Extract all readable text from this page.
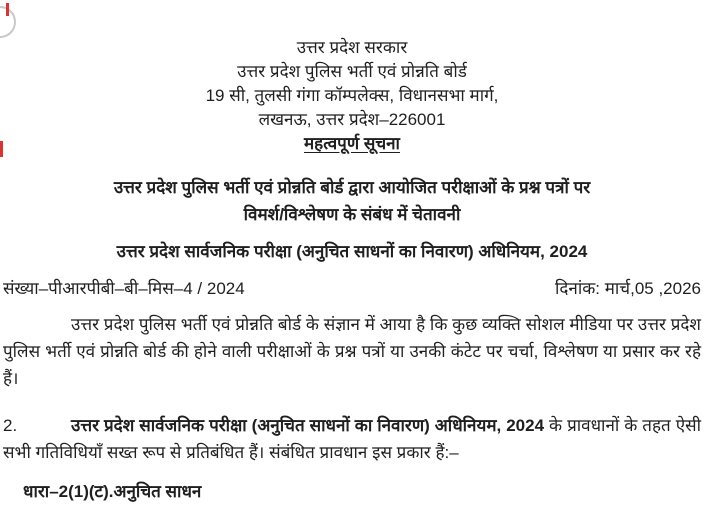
उत्तर प्रदेश सरकार
उत्तर प्रदेश पुलिस भर्ती एवं प्रोन्नति बोर्ड
19 सी, तुलसी गंगा कॉम्पलेक्स, विधानसभा मार्ग,
लखनऊ, उत्तर प्रदेश–226001
महत्वपूर्ण सूचना
उत्तर प्रदेश पुलिस भर्ती एवं प्रोन्नति बोर्ड द्वारा आयोजित परीक्षाओं के प्रश्न पत्रों पर
विमर्श/विश्लेषण के संबंध में चेतावनी
उत्तर प्रदेश सार्वजनिक परीक्षा (अनुचित साधनों का निवारण) अधिनियम, 2024
संख्या–पीआरपीबी–बी–मिस–4 / 2024	दिनांक: मार्च,05 ,2026
उत्तर प्रदेश पुलिस भर्ती एवं प्रोन्नति बोर्ड के संज्ञान में आया है कि कुछ व्यक्ति सोशल मीडिया पर उत्तर प्रदेश पुलिस भर्ती एवं प्रोन्नति बोर्ड की होने वाली परीक्षाओं के प्रश्न पत्रों या उनकी कंटेट पर चर्चा, विश्लेषण या प्रसार कर रहे हैं।
2.	उत्तर प्रदेश सार्वजनिक परीक्षा (अनुचित साधनों का निवारण) अधिनियम, 2024 के प्रावधानों के तहत ऐसी सभी गतिविधियाँ सख्त रूप से प्रतिबंधित हैं। संबंधित प्रावधान इस प्रकार हैं:–
धारा–2(1)(ट).अनुचित साधन
